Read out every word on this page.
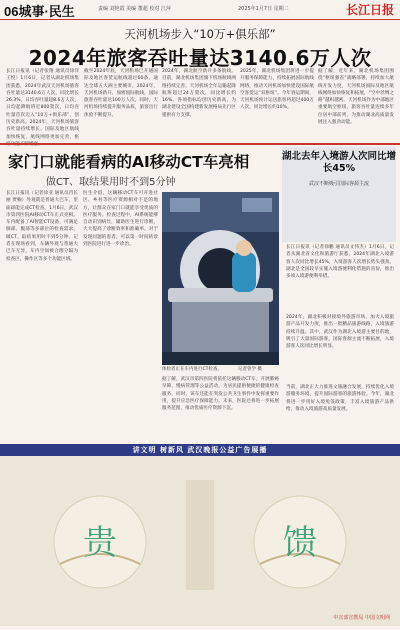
06城事·民生	责编 刘艳霞 美编 董超 校对 江萍	2025年1月7日 星期二	长江日报
天河机场步入“10万+俱乐部”
2024年旅客吞吐量达3140.6万人次
长江日报讯（记者张翔 通讯员徐洋 王悦）1月6日，记者从湖北机场集团获悉，2024年武汉天河机场旅客吞吐量达3140.6万人次，同比增长26.3%，日均吞吐量超8.6万人次，日均起降航班近800架次，日均吞吐量首次迈入“10万+俱乐部”，创历史新高。2024年，天河机场旅客吞吐量持续增长，国际及地区航线加快恢复，航线网络更加完善，枢
截至2024年底，天河机场已开通国际及地区客货运航线超过60条，通达全球五大洲主要城市。2024年，天河机场新开、加密国际航线，国际旅客吞吐量达100万人次。同时，天河机场持续提升服务品质，旅客出行体验不断提升。
2024年，湖北航空新开多条航线。目前，湖北机场集团旗下机场航线网络持续完善。天河机场全年运输起降航班超过24万架次，同比增长约16%。各项指标均创历史新高，为湖北建设全国构建新发展格局先行区提供有力支撑。
2025年，湖北机场集团将进一步提升服务保障能力，持续拓展国际航线网络，推动天河机场加快建设国际航空客货运“双枢纽”。今年春运期间，天河机场预计运送旅客将超过400万人次，同比增长约10%。
据了解，近年来，湖北机场集团围绕“枢纽强省”战略部署，持续加大航线开发力度，天河机场国际及地区航线网络加快恢复和拓展，“空中丝绸之路”越织越密。天河机场作为中部地区重要航空枢纽，旅客吞吐量连续多年位居中部前列，为推动湖北高质量发展注入强劲动能。
家门口就能看病的AI移动CT车亮相
做CT、取结果用时不到5分钟
长江日报讯（记者徐亚 通讯员肖长丽 贾楠）外观就是普通大巴车，里面却能完成CT检查。1月6日，武汉市第四医院AI移动CT车正式亮相。车内配备了AI智能CT设备，可满足肺部、腹部等多部位的检查需求，做CT、取结果用时不到5分钟。记者在现场看到，车辆外观与普通大巴车无异，车内空间被合理分隔为检查区、操作区等多个功能区域。
医生介绍，这辆移动CT车可开进社区、乡村等医疗资源相对不足的地方，让群众在家门口就能享受优质的医疗服务。检查过程中，AI系统能够自动识别病灶，辅助医生进行诊断，大大提高了诊断效率和准确率。对于发现问题的患者，可以第一时间转诊到医院进行进一步诊治。
体检者正在车内进行CT检查。	记者曾学 摄
据了解，武汉市第四医院将依托这辆移动CT车，开展肺癌早筛、慢病管理等公益活动，为居民提供便捷的健康检查服务。同时，该车还能在突发公共卫生事件中发挥重要作用，提升应急医疗保障能力。未来，医院还将进一步拓展服务范围，推动优质医疗资源下沉。
湖北去年入境游人次同比增长45%
武汉不断吸引国际客源主流
长江日报讯（记者徐鹏 通讯员文伟杰）1月6日，记者从湖北省文化和旅游厅获悉，2024年湖北入境游客人次同比增长45%，入境游客人次增长势头强劲。湖北是全国较早实施入境游便利化措施的省份，推出多项入境游便利举措。
2024年，湖北积极对接境外旅游市场，加大入境旅游产品开发力度，推出一批精品旅游线路，入境旅游持续升温。其中，武汉作为湖北入境游主要目的地，吸引了大量国际游客，国际客源主流不断拓展，入境游客人次同比增长明显。
当前，湖北正大力推进文旅融合发展，持续优化入境游服务环境，提升国际游客的旅游体验。今年，湖北将进一步用好入境免签政策，丰富入境旅游产品供给，推动入境旅游高质量发展。
贵	馈
讲文明 树新风 武汉晚报公益广告展播
中宣部宣教局 中国文明网
